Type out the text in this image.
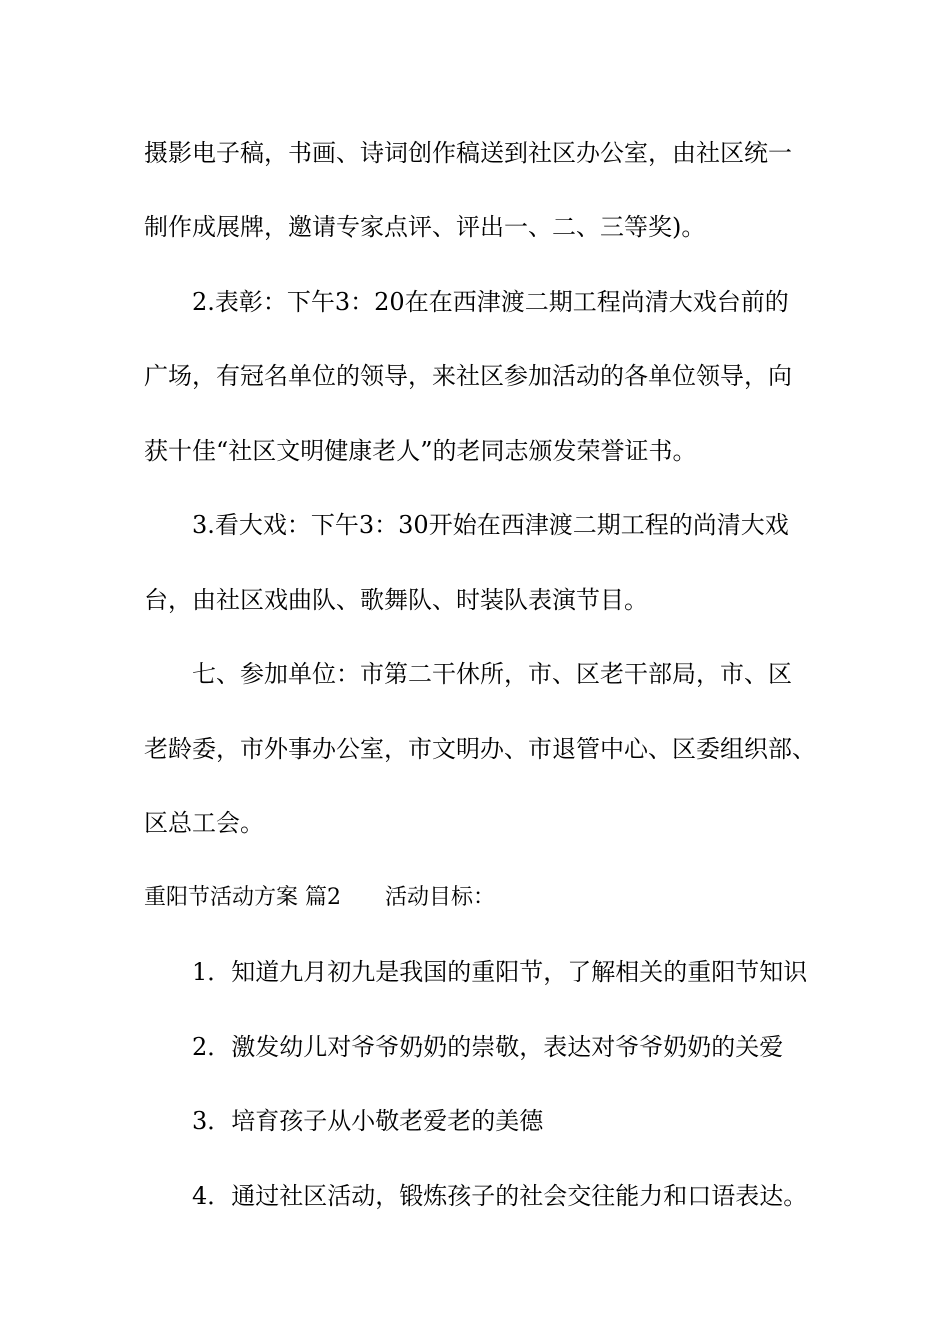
摄影电子稿，书画、诗词创作稿送到社区办公室，由社区统一
制作成展牌，邀请专家点评、评出一、二、三等奖)。
2.表彰：下午3：20在在西津渡二期工程尚清大戏台前的
广场，有冠名单位的领导，来社区参加活动的各单位领导，向
获十佳“社区文明健康老人”的老同志颁发荣誉证书。
3.看大戏：下午3：30开始在西津渡二期工程的尚清大戏
台，由社区戏曲队、歌舞队、时装队表演节目。
七、参加单位：市第二干休所，市、区老干部局，市、区
老龄委，市外事办公室，市文明办、市退管中心、区委组织部、
区总工会。
重阳节活动方案 篇2 活动目标：
1．知道九月初九是我国的重阳节，了解相关的重阳节知识
2．激发幼儿对爷爷奶奶的崇敬，表达对爷爷奶奶的关爱
3．培育孩子从小敬老爱老的美德
4．通过社区活动，锻炼孩子的社会交往能力和口语表达。
